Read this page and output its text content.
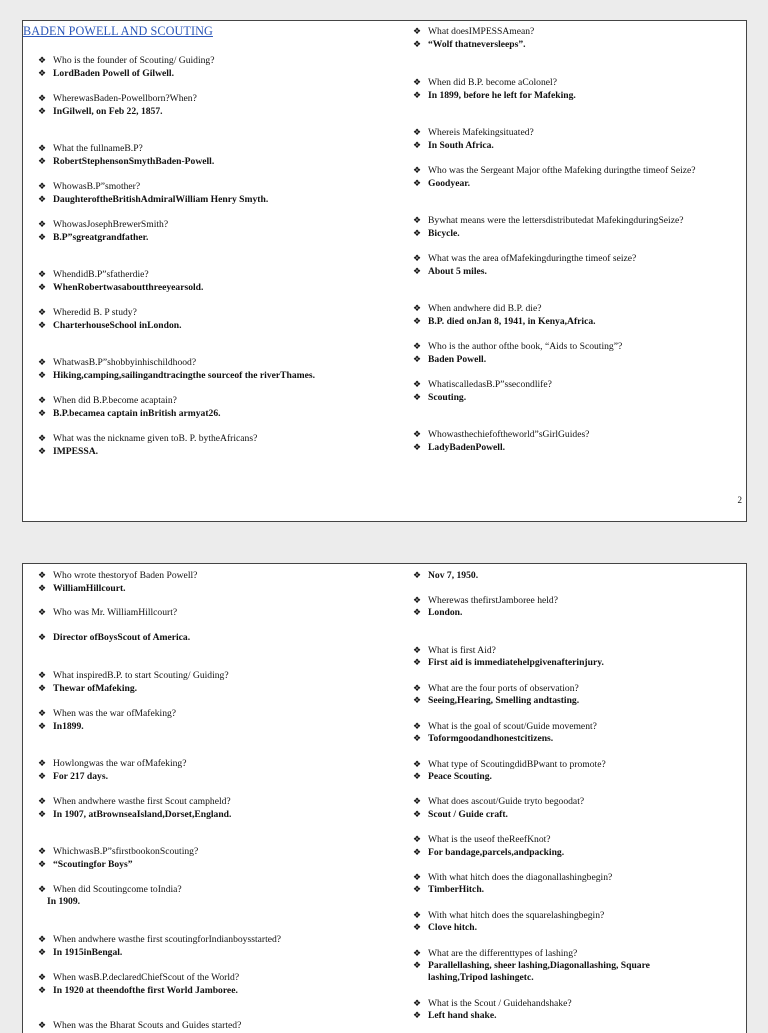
BADEN POWELL AND SCOUTING
❖ Who is the founder of Scouting/ Guiding?
❖ LordBaden Powell of Gilwell.
❖ WherewasBaden-Powellborn?When?
❖ InGilwell, on Feb 22, 1857.
❖ What the fullnameB.P?
❖ RobertStephensonSmythBaden-Powell.
❖ WhowasB.P”smother?
❖ DaughteroftheBritishAdmiralWilliam Henry Smyth.
❖ WhowasJosephBrewerSmith?
❖ B.P”sgreatgrandfather.
❖ WhendidB.P”sfatherdie?
❖ WhenRobertwasaboutthreeyearsold.
❖ Wheredid B. P study?
❖ CharterhouseSchool inLondon.
❖ WhatwasB.P”shobbyinhischildhood?
❖ Hiking,camping,sailingandtracingthe sourceof the riverThames.
❖ When did B.P.become acaptain?
❖ B.P.becamea captain inBritish armyat26.
❖ What was the nickname given toB. P. bytheAfricans?
❖ IMPESSA.
❖ What doesIMPESSAmean?
❖ “Wolf thatneversleeps”.
❖ When did B.P. become aColonel?
❖ In 1899, before he left for Mafeking.
❖ Whereis Mafekingsituated?
❖ In South Africa.
❖ Who was the Sergeant Major ofthe Mafeking duringthe timeof Seize?
❖ Goodyear.
❖ Bywhat means were the lettersdistributedat MafekingduringSeize?
❖ Bicycle.
❖ What was the area ofMafekingduringthe timeof seize?
❖ About 5 miles.
❖ When andwhere did B.P. die?
❖ B.P. died onJan 8, 1941, in Kenya,Africa.
❖ Who is the author ofthe book, “Aids to Scouting”?
❖ Baden Powell.
❖ WhatiscalledasB.P”ssecondlife?
❖ Scouting.
❖ Whowasthechiefoftheworld”sGirlGuides?
❖ LadyBadenPowell.
2
❖ Who wrote thestoryof Baden Powell?
❖ WilliamHillcourt.
❖ Who was Mr. WilliamHillcourt?
❖ Director ofBoysScout of America.
❖ What inspiredB.P. to start Scouting/ Guiding?
❖ Thewar ofMafeking.
❖ When was the war ofMafeking?
❖ In1899.
❖ Howlongwas the war ofMafeking?
❖ For 217 days.
❖ When andwhere wasthe first Scout campheld?
❖ In 1907, atBrownseaIsland,Dorset,England.
❖ WhichwasB.P”sfirstbookonScouting?
❖ “Scoutingfor Boys”
❖ When did Scoutingcome toIndia?
In 1909.
❖ When andwhere wasthe first scoutingforIndianboysstarted?
❖ In 1915inBengal.
❖ When wasB.P.declaredChiefScout of the World?
❖ In 1920 at theendofthe first World Jamboree.
❖ When was the Bharat Scouts and Guides started?
❖ Nov 7, 1950.
❖ Wherewas thefirstJamboree held?
❖ London.
❖ What is first Aid?
❖ First aid is immediatehelpgivenafterinjury.
❖ What are the four ports of observation?
❖ Seeing,Hearing, Smelling andtasting.
❖ What is the goal of scout/Guide movement?
❖ Toformgoodandhonestcitizens.
❖ What type of ScoutingdidBPwant to promote?
❖ Peace Scouting.
❖ What does ascout/Guide tryto begoodat?
❖ Scout / Guide craft.
❖ What is the useof theReefKnot?
❖ For bandage,parcels,andpacking.
❖ With what hitch does the diagonallashingbegin?
❖ TimberHitch.
❖ With what hitch does the squarelashingbegin?
❖ Clove hitch.
❖ What are the differenttypes of lashing?
❖ Parallellashing, sheer lashing,Diagonallashing, Square
lashing,Tripod lashingetc.
❖ What is the Scout / Guidehandshake?
❖ Left hand shake.
